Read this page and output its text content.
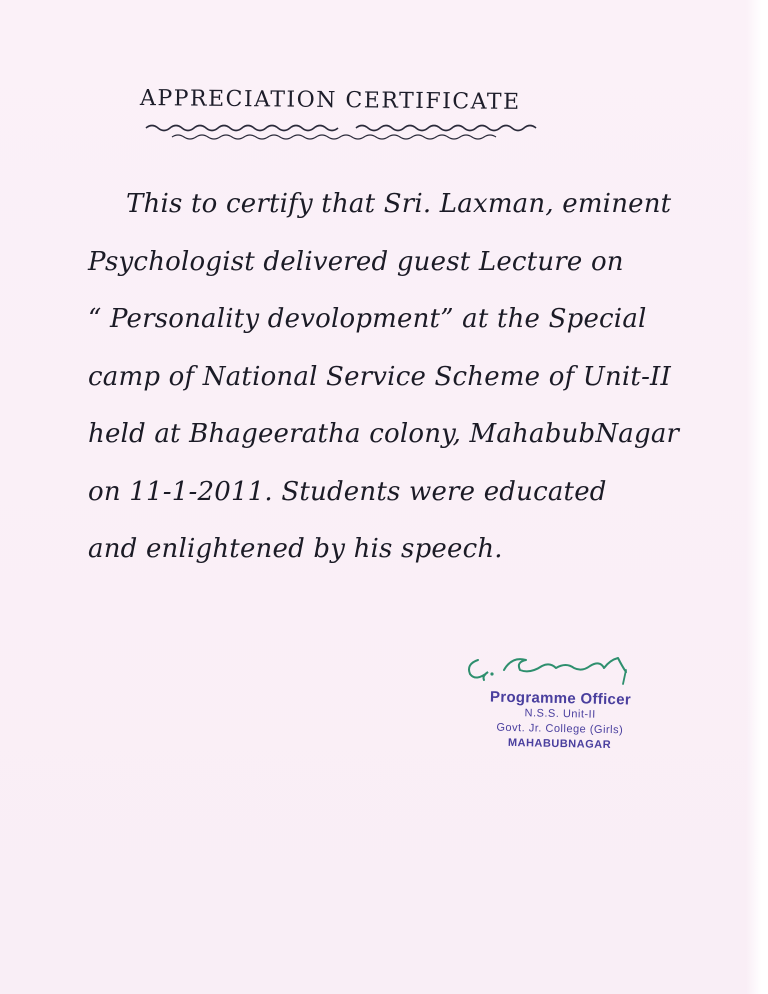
APPRECIATION CERTIFICATE
This to certify that Sri. Laxman, eminent
Psychologist delivered guest Lecture on
“ Personality devolopment” at the Special
camp of National Service Scheme of Unit-II
held at Bhageeratha colony, MahabubNagar
on 11-1-2011. Students were educated
and enlightened by his speech.
Programme Officer
N.S.S. Unit-II
Govt. Jr. College (Girls)
MAHABUBNAGAR
